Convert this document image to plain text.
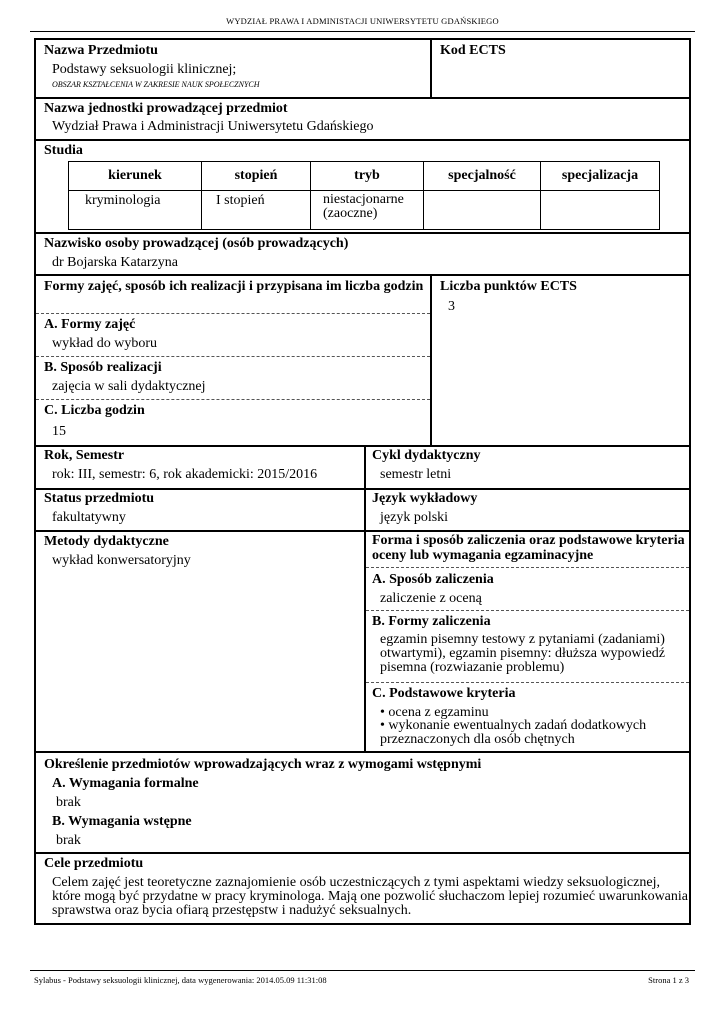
WYDZIAŁ PRAWA I ADMINISTACJI UNIWERSYTETU GDAŃSKIEGO
Nazwa Przedmiotu
Podstawy seksuologii klinicznej;
OBSZAR KSZTAŁCENIA W ZAKRESIE NAUK SPOŁECZNYCH
Kod ECTS
Nazwa jednostki prowadzącej przedmiot
Wydział Prawa i Administracji Uniwersytetu Gdańskiego
Studia
kierunek	stopień	tryb	specjalność	specjalizacja
kryminologia	I stopień	niestacjonarne (zaoczne)		
Nazwisko osoby prowadzącej (osób prowadzących)
dr Bojarska Katarzyna
Formy zajęć, sposób ich realizacji i przypisana im liczba godzin
A. Formy zajęć
wykład do wyboru
B. Sposób realizacji
zajęcia w sali dydaktycznej
C. Liczba godzin
15
Liczba punktów ECTS
3
Rok, Semestr
rok: III, semestr: 6, rok akademicki: 2015/2016
Cykl dydaktyczny
semestr letni
Status przedmiotu
fakultatywny
Język wykładowy
język polski
Metody dydaktyczne
wykład konwersatoryjny
Forma i sposób zaliczenia oraz podstawowe kryteria oceny lub wymagania egzaminacyjne
A. Sposób zaliczenia
zaliczenie z oceną
B. Formy zaliczenia
egzamin pisemny testowy z pytaniami (zadaniami) otwartymi), egzamin pisemny: dłuższa wypowiedź pisemna (rozwiazanie problemu)
C. Podstawowe kryteria
• ocena z egzaminu
• wykonanie ewentualnych zadań dodatkowych przeznaczonych dla osób chętnych
Określenie przedmiotów wprowadzających wraz z wymogami wstępnymi
A. Wymagania formalne
brak
B. Wymagania wstępne
brak
Cele przedmiotu
Celem zajęć jest teoretyczne zaznajomienie osób uczestniczących z tymi aspektami wiedzy seksuologicznej, które mogą być przydatne w pracy kryminologa. Mają one pozwolić słuchaczom lepiej rozumieć uwarunkowania sprawstwa oraz bycia ofiarą przestępstw i nadużyć seksualnych.
Sylabus - Podstawy seksuologii klinicznej, data wygenerowania: 2014.05.09 11:31:08	Strona 1 z 3
